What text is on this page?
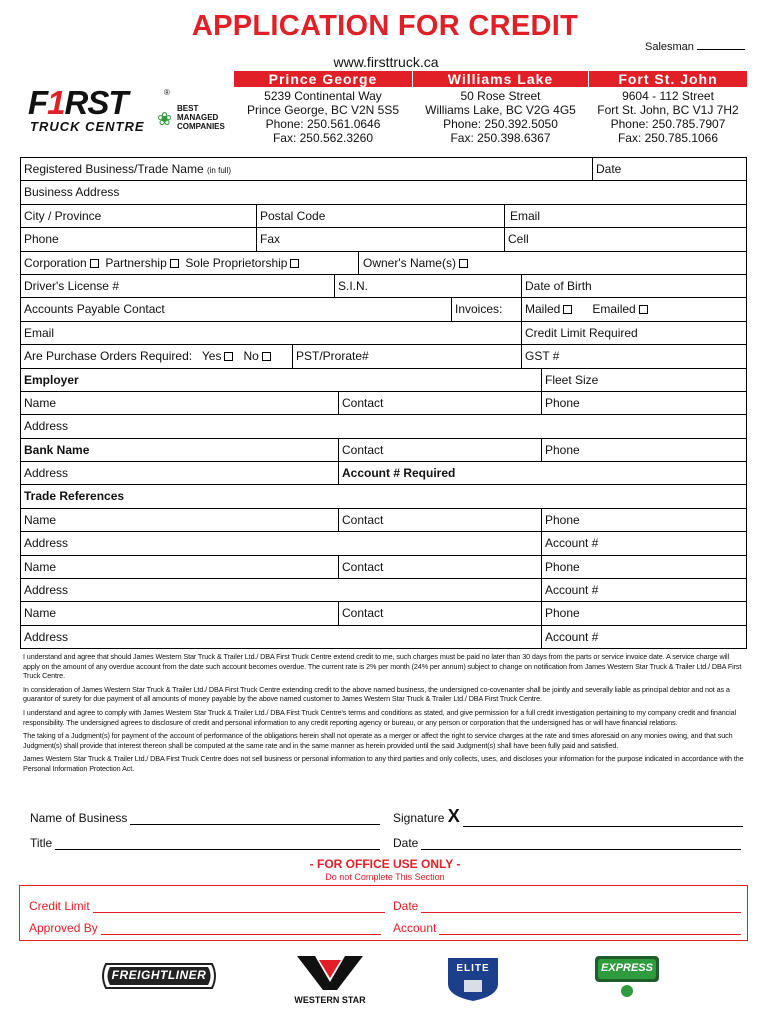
APPLICATION FOR CREDIT
Salesman
www.firsttruck.ca
F1RST	®
TRUCK CENTRE ❀
BEST
MANAGED
COMPANIES
Prince George
5239 Continental Way
Prince George, BC V2N 5S5
Phone: 250.561.0646
Fax: 250.562.3260
Williams Lake
50 Rose Street
Williams Lake, BC V2G 4G5
Phone: 250.392.5050
Fax: 250.398.6367
Fort St. John
9604 - 112 Street
Fort St. John, BC V1J 7H2
Phone: 250.785.7907
Fax: 250.785.1066
Registered Business/Trade Name (in full)	Date
Business Address
City / Province	Postal Code	Email
Phone	Fax	Cell
Corporation Partnership Sole Proprietorship	Owner's Name(s)
Driver's License #	S.I.N.	Date of Birth
Accounts Payable Contact	Invoices:	Mailed	Emailed
Email	Credit Limit Required
Are Purchase Orders Required: Yes No	PST/Prorate#	GST #
Employer	Fleet Size
Name	Contact	Phone
Address
Bank Name	Contact	Phone
Address	Account # Required
Trade References
Name	Contact	Phone
Address	Account #
Name	Contact	Phone
Address	Account #
Name	Contact	Phone
Address	Account #

I understand and agree that should James Western Star Truck & Trailer Ltd./ DBA First Truck Centre extend credit to me, such charges must be paid no later than 30 days from the parts or service invoice date. A service charge will apply on the amount of any overdue account from the date such account becomes overdue. The current rate is 2% per month (24% per annum) subject to change on notification from James Western Star Truck & Trailer Ltd./ DBA First Truck Centre.

In consideration of James Western Star Truck & Trailer Ltd./ DBA First Truck Centre extending credit to the above named business, the undersigned co-covenanter shall be jointly and severally liable as principal debtor and not as a guarantor of surety for due payment of all amounts of money payable by the above named customer to James Western Star Truck & Trailer Ltd./ DBA First Truck Centre.

I understand and agree to comply with James Western Star Truck & Trailer Ltd./ DBA First Truck Centre's terms and conditions as stated, and give permission for a full credit investigation pertaining to my company credit and financial responsibility. The undersigned agrees to disclosure of credit and personal information to any credit reporting agency or bureau, or any person or corporation that the undersigned has or will have financial relations.

The taking of a Judgment(s) for payment of the account of performance of the obligations herein shall not operate as a merger or affect the right to service charges at the rate and times aforesaid on any monies owing, and that such Judgment(s) shall provide that interest thereon shall be computed at the same rate and in the same manner as herein provided until the said Judgment(s) shall have been fully paid and satisfied.

James Western Star Truck & Trailer Ltd./ DBA First Truck Centre does not sell business or personal information to any third parties and only collects, uses, and discloses your information for the purpose indicated in accordance with the Personal Information Protection Act.

Name of Business	Signature X
Title	Date
- FOR OFFICE USE ONLY -
Do not Complete This Section
Credit Limit	Date
Approved By	Account
FREIGHTLINER
WESTERN STAR
ELITE	EXPRESS
